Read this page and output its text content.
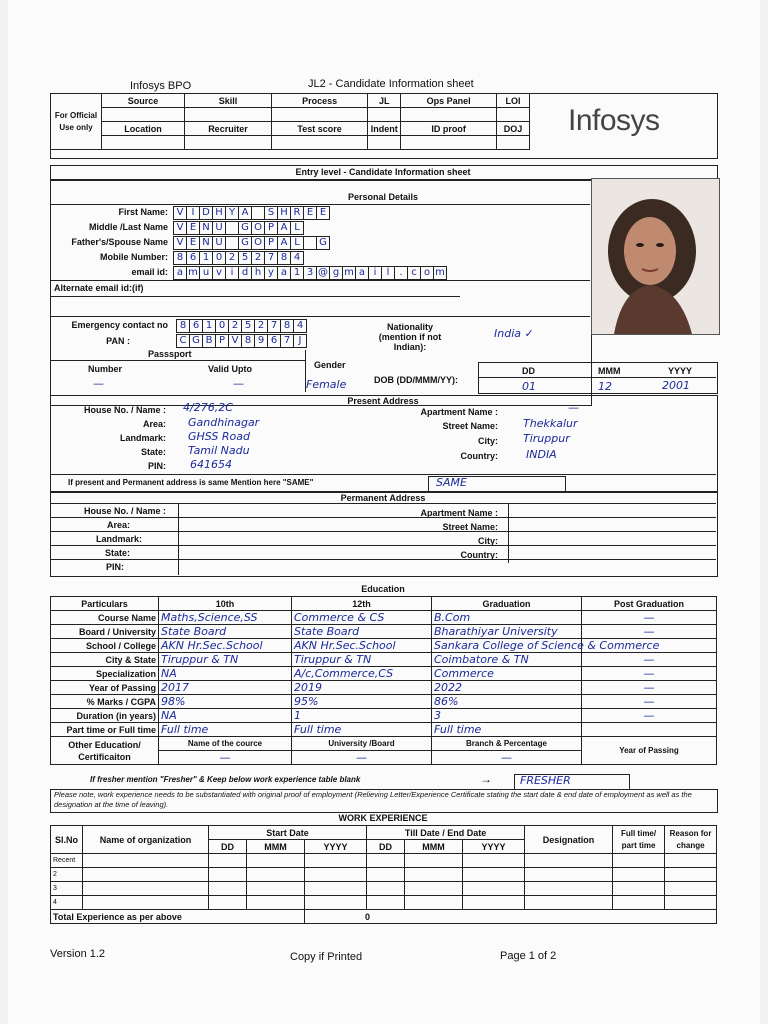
Infosys BPO	JL2 - Candidate Information sheet
For Official Use only	Source	Skill	Process	JL	Ops Panel	LOI

	Location	Recruiter	Test score	Indent	ID proof	DOJ
					Infosys
Entry level - Candidate Information sheet
Personal Details
First Name: V I D H Y A	S H R E E
Middle /Last Name V E N U	G O P A L
Father's/Spouse Name V E N U	G O P A L	G
Mobile Number: 8 6 1 0 2 5 2 7 8 4
email id: a m u v i d h y a 1 3 @ g m a i	l	. c o m
Alternate email id:(if)
Emergency contact no	8 6 1 0 2 5 2 7 8 4
PAN :	C G B P V 8 9 6 7 J
Nationality (mention if not Indian):
India ✓
Passsport
Number	Valid Upto
—	—
Gender
Female	DOB (DD/MMM/YY):
DD	MMM	YYYY
01	12	2001
Present Address
House No. / Name : 4/276,2C
Area: Gandhinagar
Landmark: GHSS Road
State: Tamil Nadu
PIN: 641654
Apartment Name :	—
Street Name: Thekkalur
City: Tiruppur
Country:	INDIA
If present and Permanent address is same Mention here "SAME"	SAME
Permanent Address
House No. / Name :
Area:
Landmark:
State:
PIN:
Apartment Name :
Street Name:
City:
Country:
Education
Particulars	10th	12th	Graduation	Post Graduation
Course Name	Maths,Science,SS	Commerce & CS	B.Com	—
Board / University	State Board	State Board	Bharathiyar University	—
School / College	AKN Hr.Sec.School	AKN Hr.Sec.School	Sankara College of Science & Commerce	
City & State	Tiruppur & TN	Tiruppur & TN	Coimbatore & TN	—
Specialization	NA	A/c,Commerce,CS	Commerce	—
Year of Passing	2017	2019	2022	—
% Marks / CGPA	98%	95%	86%	—
Duration (in years)	NA	1	3	—
Part time or Full time	Full time	Full time	Full time	
Other Education/ Certificaiton	Name of the cource	University /Board	Branch & Percentage	Year of Passing
	—	—	—	
If fresher mention "Fresher" & Keep below work experience table blank	→	FRESHER
Please note, work experience needs to be substantiated with original proof of employment (Relieving Letter/Experience Certificate stating the start date & end date of employment as well as the designation at the time of leaving).
WORK EXPERIENCE
Sl.No	Name of organization	Start Date			Till Date / End Date			Designation	Full time/ part time	Reason for change
		DD	MMM	YYYY	DD	MMM	YYYY			
Recent										
2										
3										
4										
Total Experience as per above				0						
Version 1.2	Copy if Printed	Page 1 of 2
